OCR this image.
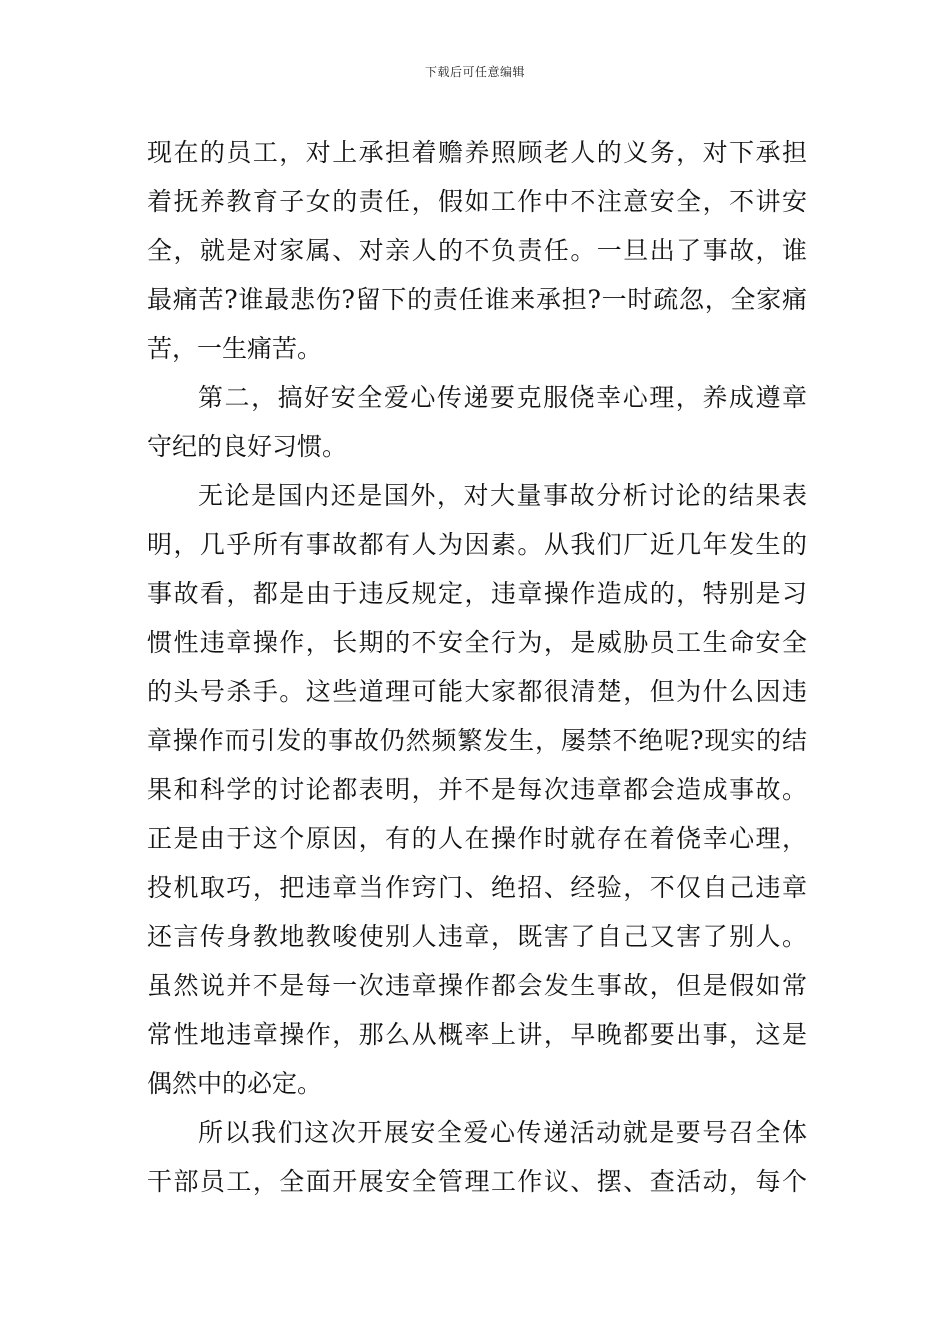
下载后可任意编辑
现在的员工，对上承担着赡养照顾老人的义务，对下承担
着抚养教育子女的责任，假如工作中不注意安全，不讲安
全，就是对家属、对亲人的不负责任。一旦出了事故，谁
最痛苦?谁最悲伤?留下的责任谁来承担?一时疏忽，全家痛
苦，一生痛苦。
第二，搞好安全爱心传递要克服侥幸心理，养成遵章
守纪的良好习惯。
无论是国内还是国外，对大量事故分析讨论的结果表
明，几乎所有事故都有人为因素。从我们厂近几年发生的
事故看，都是由于违反规定，违章操作造成的，特别是习
惯性违章操作，长期的不安全行为，是威胁员工生命安全
的头号杀手。这些道理可能大家都很清楚，但为什么因违
章操作而引发的事故仍然频繁发生，屡禁不绝呢?现实的结
果和科学的讨论都表明，并不是每次违章都会造成事故。
正是由于这个原因，有的人在操作时就存在着侥幸心理，
投机取巧，把违章当作窍门、绝招、经验，不仅自己违章
还言传身教地教唆使别人违章，既害了自己又害了别人。
虽然说并不是每一次违章操作都会发生事故，但是假如常
常性地违章操作，那么从概率上讲，早晚都要出事，这是
偶然中的必定。
所以我们这次开展安全爱心传递活动就是要号召全体
干部员工，全面开展安全管理工作议、摆、查活动，每个
